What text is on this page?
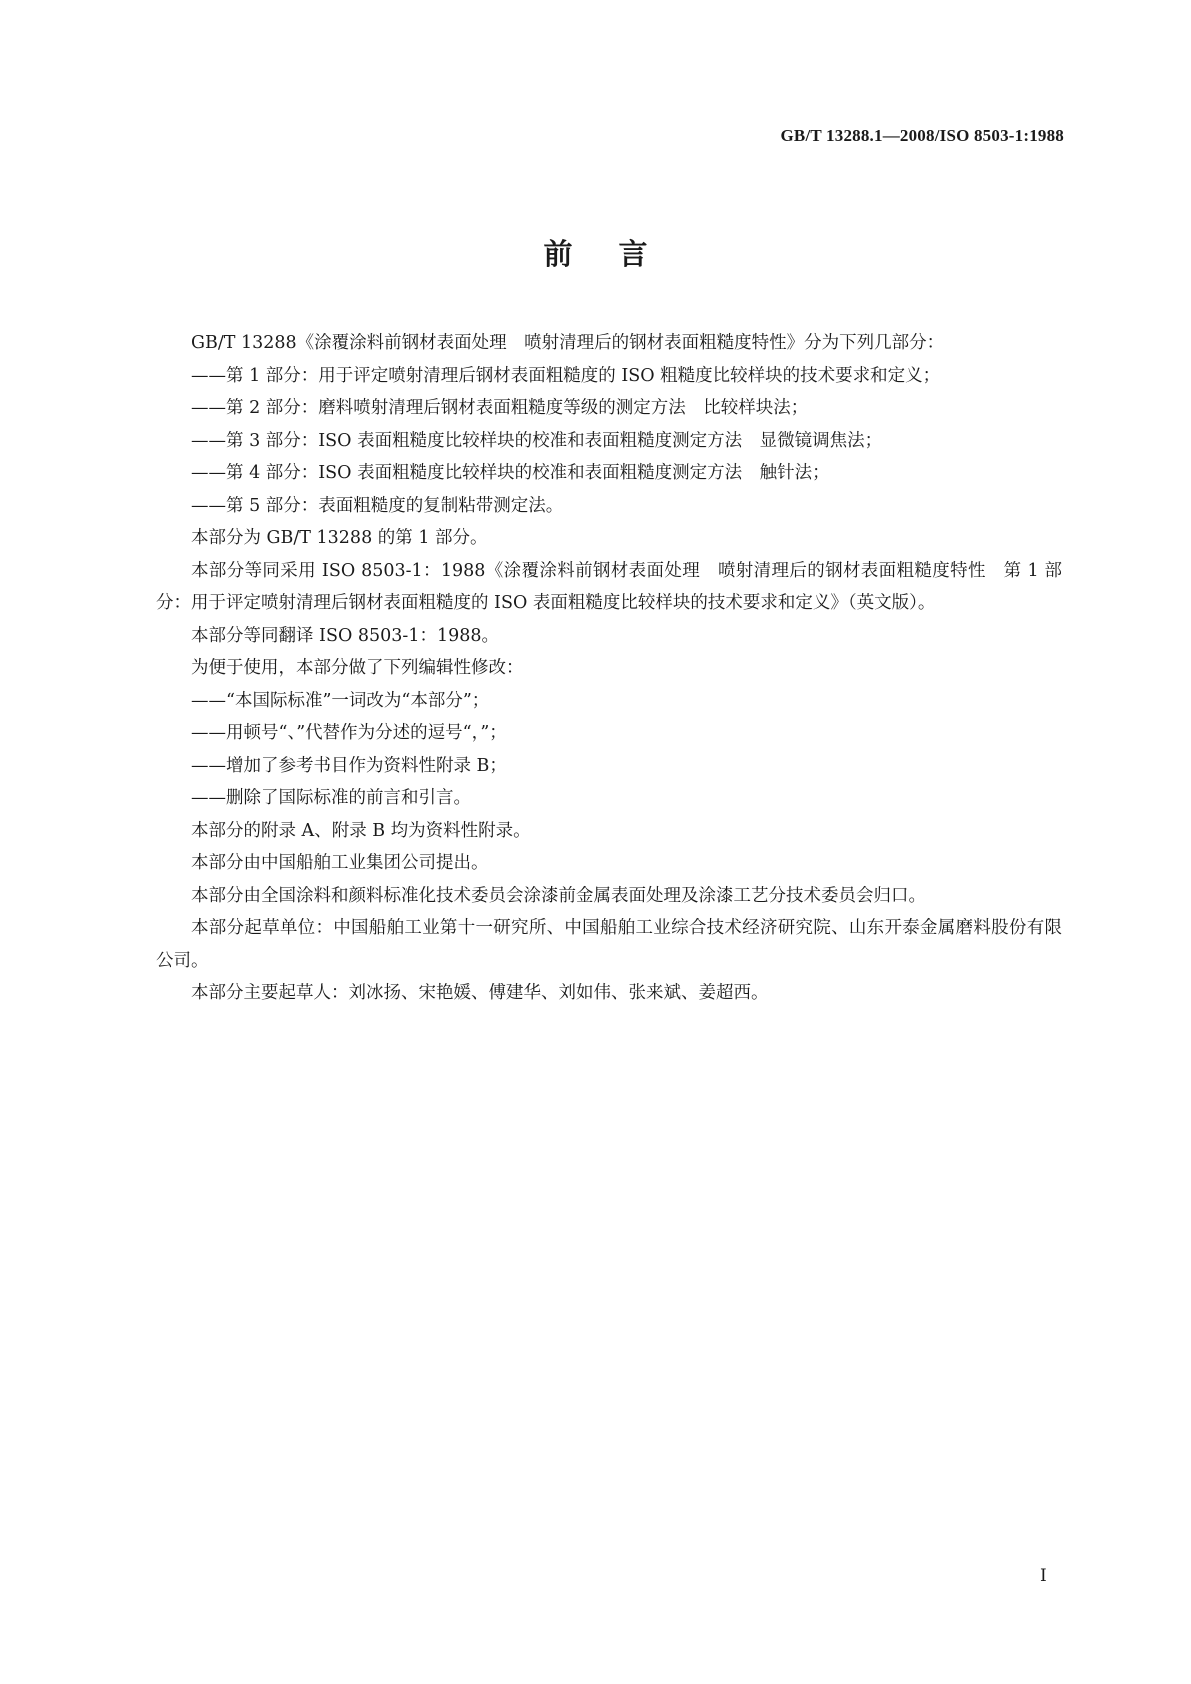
GB/T 13288.1—2008/ISO 8503-1:1988
前言

GB/T 13288《涂覆涂料前钢材表面处理　喷射清理后的钢材表面粗糙度特性》分为下列几部分：

——第 1 部分：用于评定喷射清理后钢材表面粗糙度的 ISO 粗糙度比较样块的技术要求和定义；

——第 2 部分：磨料喷射清理后钢材表面粗糙度等级的测定方法　比较样块法；

——第 3 部分：ISO 表面粗糙度比较样块的校准和表面粗糙度测定方法　显微镜调焦法；

——第 4 部分：ISO 表面粗糙度比较样块的校准和表面粗糙度测定方法　触针法；

——第 5 部分：表面粗糙度的复制粘带测定法。

本部分为 GB/T 13288 的第 1 部分。

本部分等同采用 ISO 8503-1：1988《涂覆涂料前钢材表面处理　喷射清理后的钢材表面粗糙度特性　第 1 部分：用于评定喷射清理后钢材表面粗糙度的 ISO 表面粗糙度比较样块的技术要求和定义》（英文版）。

本部分等同翻译 ISO 8503-1：1988。

为便于使用，本部分做了下列编辑性修改：

——“本国际标准”一词改为“本部分”；

——用顿号“、”代替作为分述的逗号“，”；

——增加了参考书目作为资料性附录 B；

——删除了国际标准的前言和引言。

本部分的附录 A、附录 B 均为资料性附录。

本部分由中国船舶工业集团公司提出。

本部分由全国涂料和颜料标准化技术委员会涂漆前金属表面处理及涂漆工艺分技术委员会归口。

本部分起草单位：中国船舶工业第十一研究所、中国船舶工业综合技术经济研究院、山东开泰金属磨料股份有限公司。

本部分主要起草人：刘冰扬、宋艳媛、傅建华、刘如伟、张来斌、姜超西。

I
